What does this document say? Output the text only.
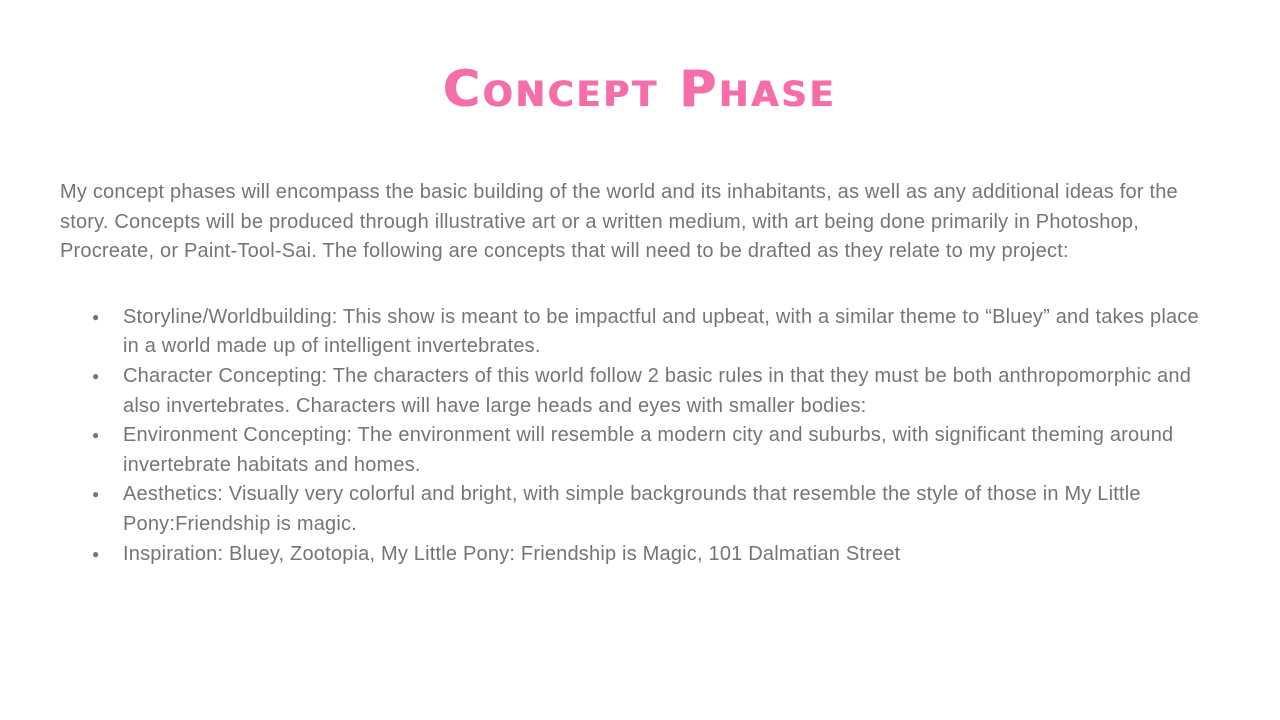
Concept Phase

My concept phases will encompass the basic building of the world and its inhabitants, as well as any additional ideas for the story. Concepts will be produced through illustrative art or a written medium, with art being done primarily in Photoshop, Procreate, or Paint-Tool-Sai. The following are concepts that will need to be drafted as they relate to my project:

● Storyline/Worldbuilding: This show is meant to be impactful and upbeat, with a similar theme to “Bluey” and takes place in a world made up of intelligent invertebrates.
● Character Concepting: The characters of this world follow 2 basic rules in that they must be both anthropomorphic and also invertebrates. Characters will have large heads and eyes with smaller bodies:
● Environment Concepting: The environment will resemble a modern city and suburbs, with significant theming around invertebrate habitats and homes.
● Aesthetics: Visually very colorful and bright, with simple backgrounds that resemble the style of those in My Little Pony:Friendship is magic.
● Inspiration: Bluey, Zootopia, My Little Pony: Friendship is Magic, 101 Dalmatian Street
